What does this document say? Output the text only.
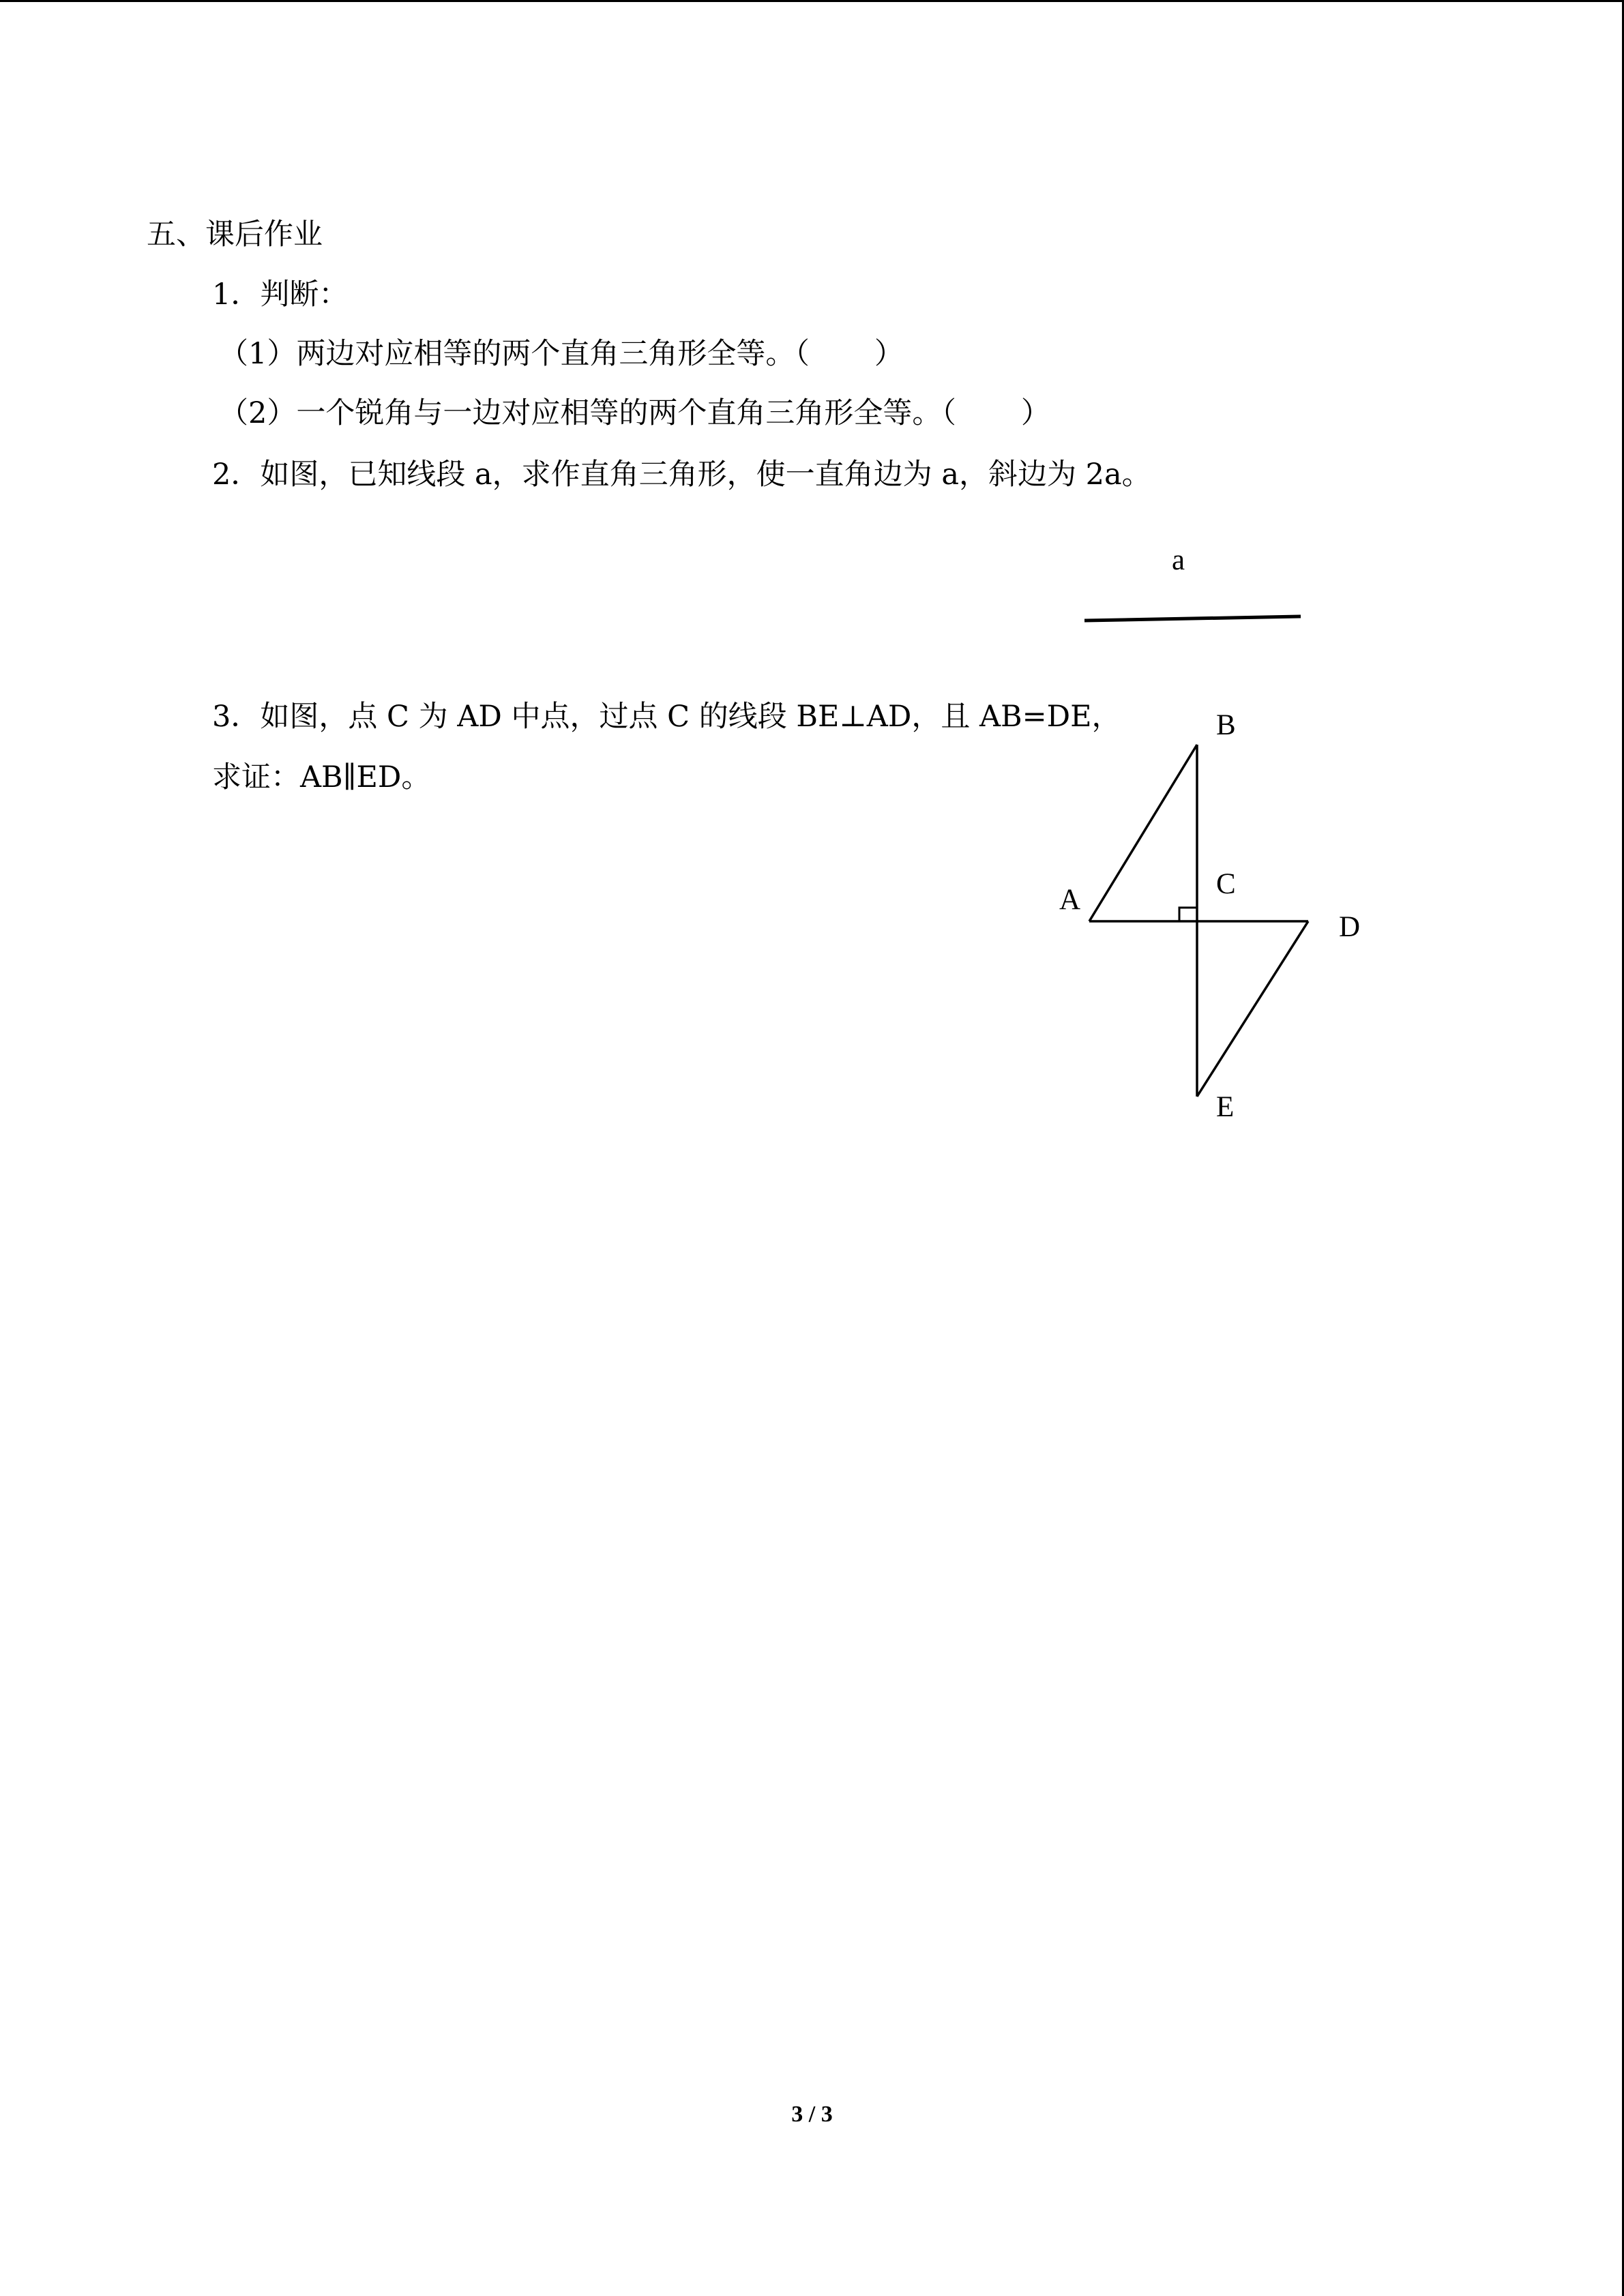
五、课后作业
1．判断：
（1）两边对应相等的两个直角三角形全等。（ ）
（2）一个锐角与一边对应相等的两个直角三角形全等。（ ）
2．如图，已知线段 a，求作直角三角形，使一直角边为 a，斜边为 2a。
a
3．如图，点 C 为 AD 中点，过点 C 的线段 BE⊥AD，且 AB=DE，
求证：AB∥ED。
B
A	C
D
E
3 / 3
